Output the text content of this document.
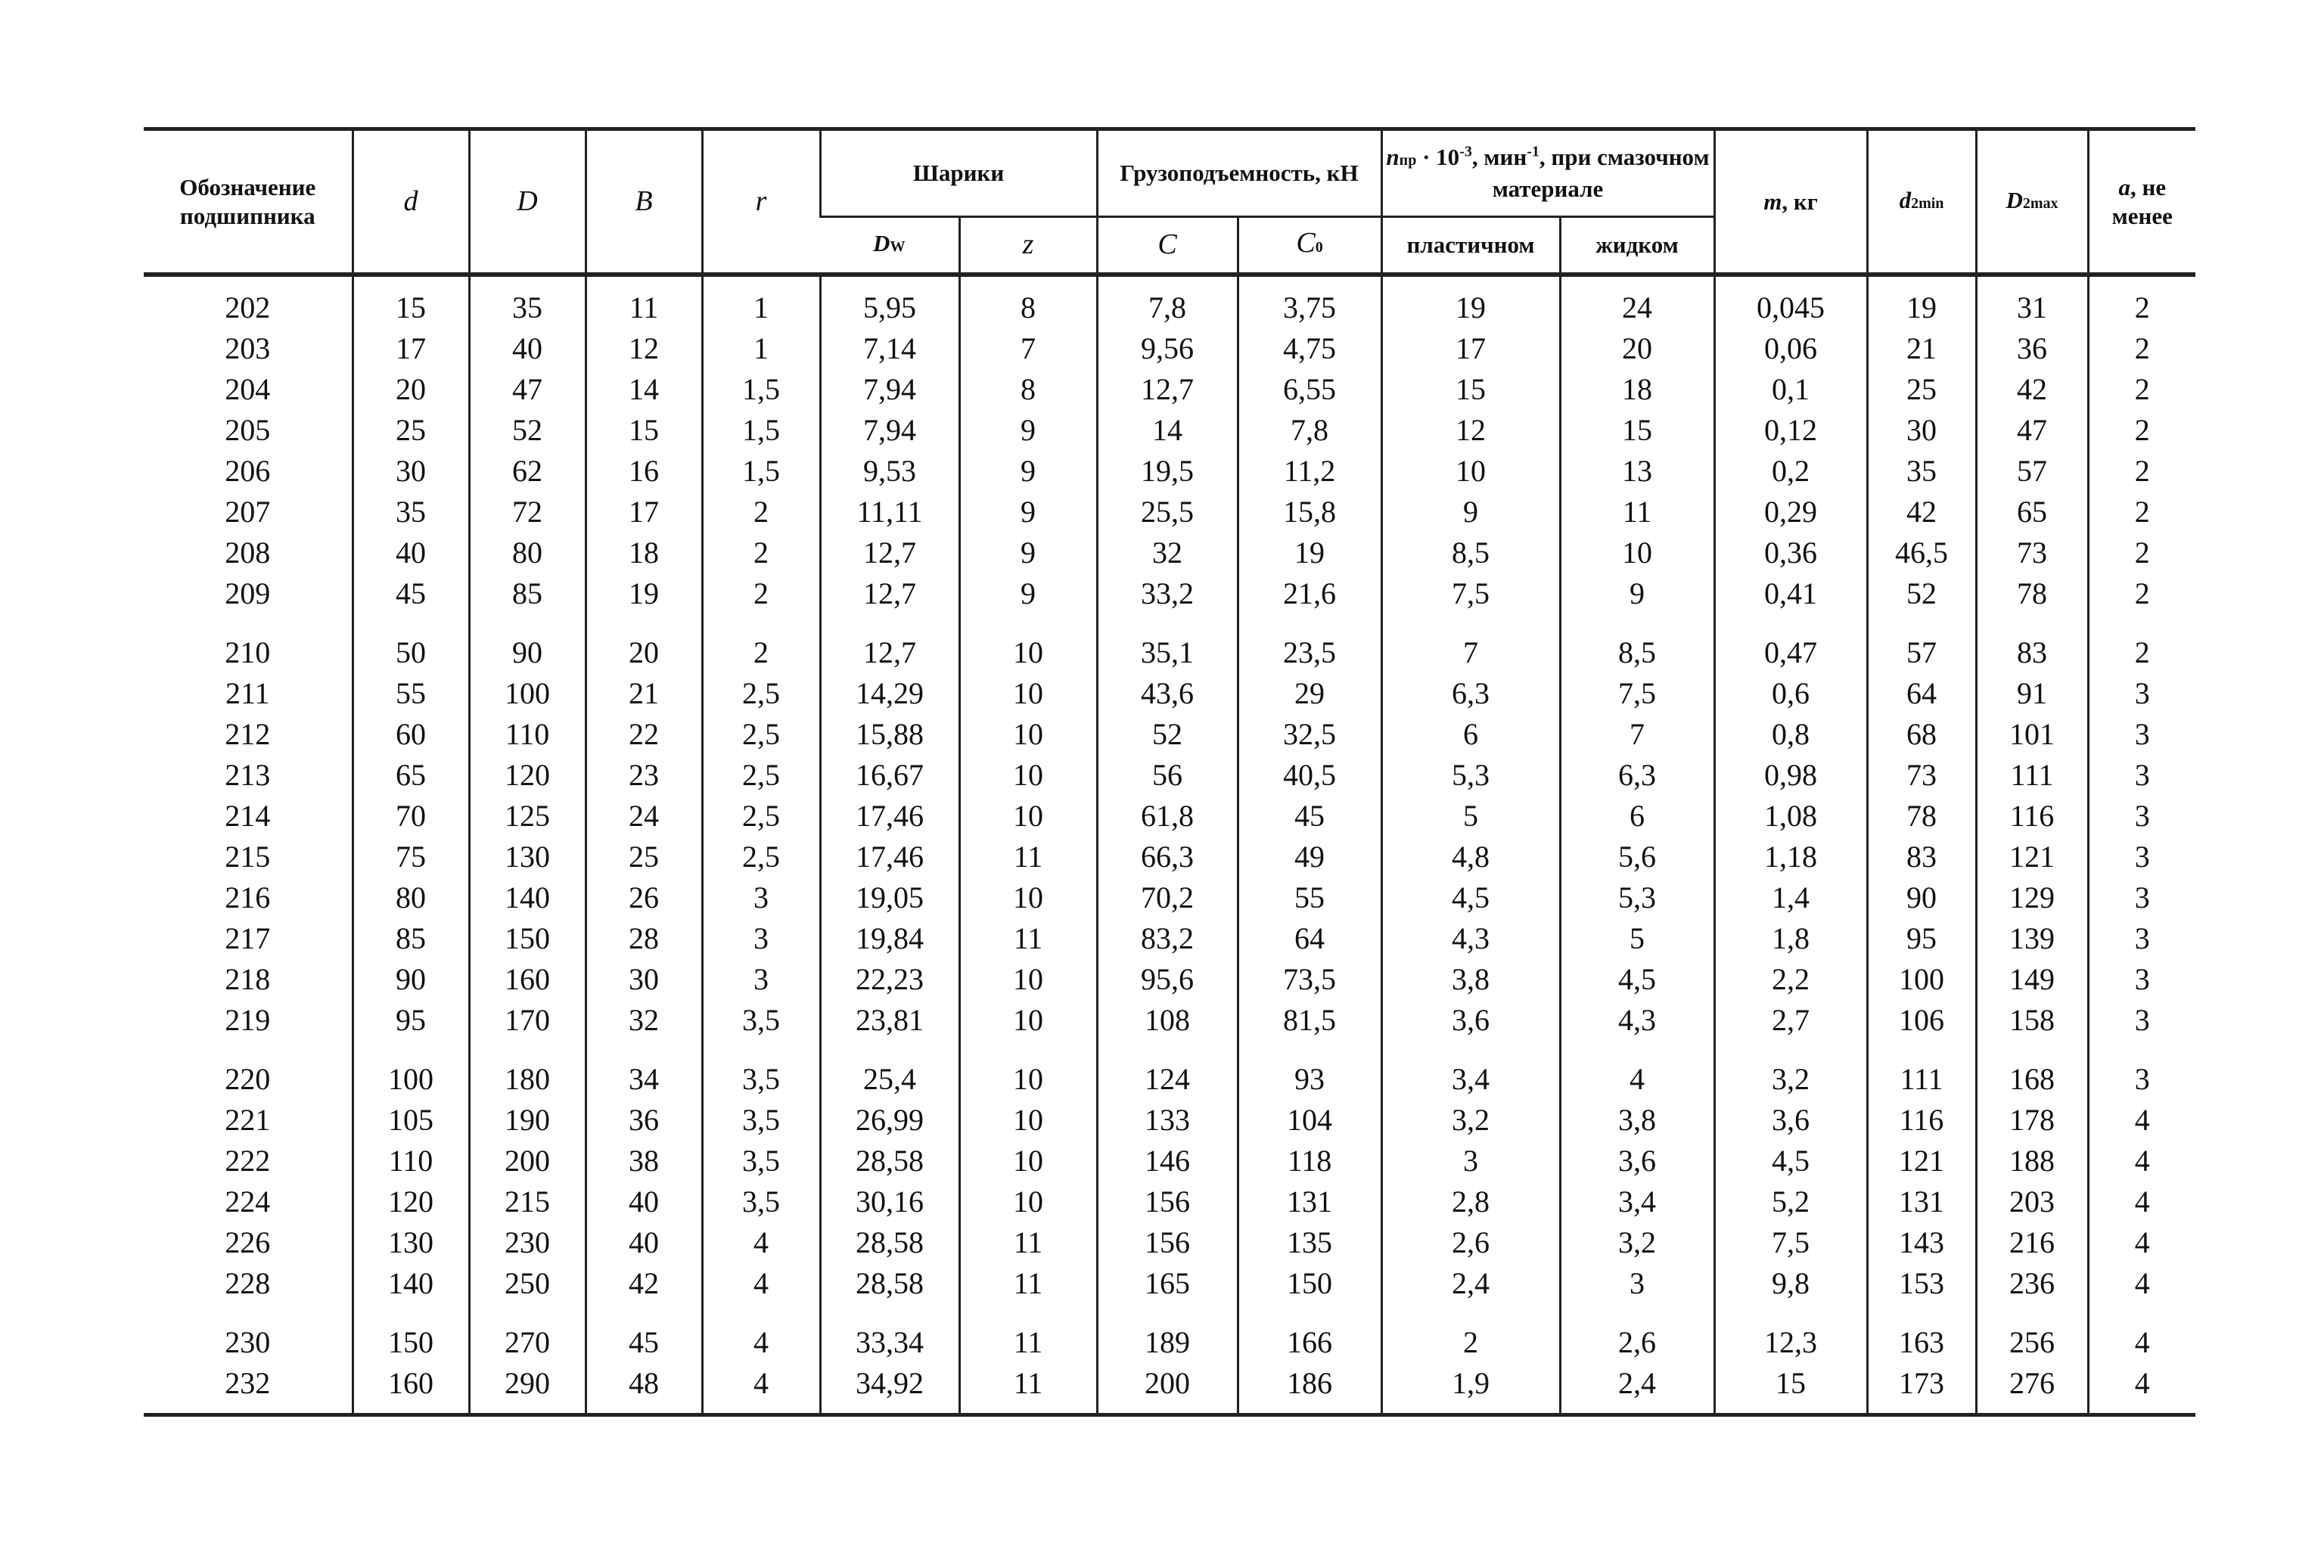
Обозначение подшипника	d	D	B	r	Шарики		Грузоподъемность, кН		nпр · $10^{-3}$, мин$^{-1}$, при смазочном материале		m, кг	d2min	D2max	a, не менее
					DW	z	C	C0	пластичном	жидком				
202	15	35	11	1	5,95	8	7,8	3,75	19	24	0,045	19	31	2
203	17	40	12	1	7,14	7	9,56	4,75	17	20	0,06	21	36	2
204	20	47	14	1,5	7,94	8	12,7	6,55	15	18	0,1	25	42	2
205	25	52	15	1,5	7,94	9	14	7,8	12	15	0,12	30	47	2
206	30	62	16	1,5	9,53	9	19,5	11,2	10	13	0,2	35	57	2
207	35	72	17	2	11,11	9	25,5	15,8	9	11	0,29	42	65	2
208	40	80	18	2	12,7	9	32	19	8,5	10	0,36	46,5	73	2
209	45	85	19	2	12,7	9	33,2	21,6	7,5	9	0,41	52	78	2
210	50	90	20	2	12,7	10	35,1	23,5	7	8,5	0,47	57	83	2
211	55	100	21	2,5	14,29	10	43,6	29	6,3	7,5	0,6	64	91	3
212	60	110	22	2,5	15,88	10	52	32,5	6	7	0,8	68	101	3
213	65	120	23	2,5	16,67	10	56	40,5	5,3	6,3	0,98	73	111	3
214	70	125	24	2,5	17,46	10	61,8	45	5	6	1,08	78	116	3
215	75	130	25	2,5	17,46	11	66,3	49	4,8	5,6	1,18	83	121	3
216	80	140	26	3	19,05	10	70,2	55	4,5	5,3	1,4	90	129	3
217	85	150	28	3	19,84	11	83,2	64	4,3	5	1,8	95	139	3
218	90	160	30	3	22,23	10	95,6	73,5	3,8	4,5	2,2	100	149	3
219	95	170	32	3,5	23,81	10	108	81,5	3,6	4,3	2,7	106	158	3
220	100	180	34	3,5	25,4	10	124	93	3,4	4	3,2	111	168	3
221	105	190	36	3,5	26,99	10	133	104	3,2	3,8	3,6	116	178	4
222	110	200	38	3,5	28,58	10	146	118	3	3,6	4,5	121	188	4
224	120	215	40	3,5	30,16	10	156	131	2,8	3,4	5,2	131	203	4
226	130	230	40	4	28,58	11	156	135	2,6	3,2	7,5	143	216	4
228	140	250	42	4	28,58	11	165	150	2,4	3	9,8	153	236	4
230	150	270	45	4	33,34	11	189	166	2	2,6	12,3	163	256	4
232	160	290	48	4	34,92	11	200	186	1,9	2,4	15	173	276	4
